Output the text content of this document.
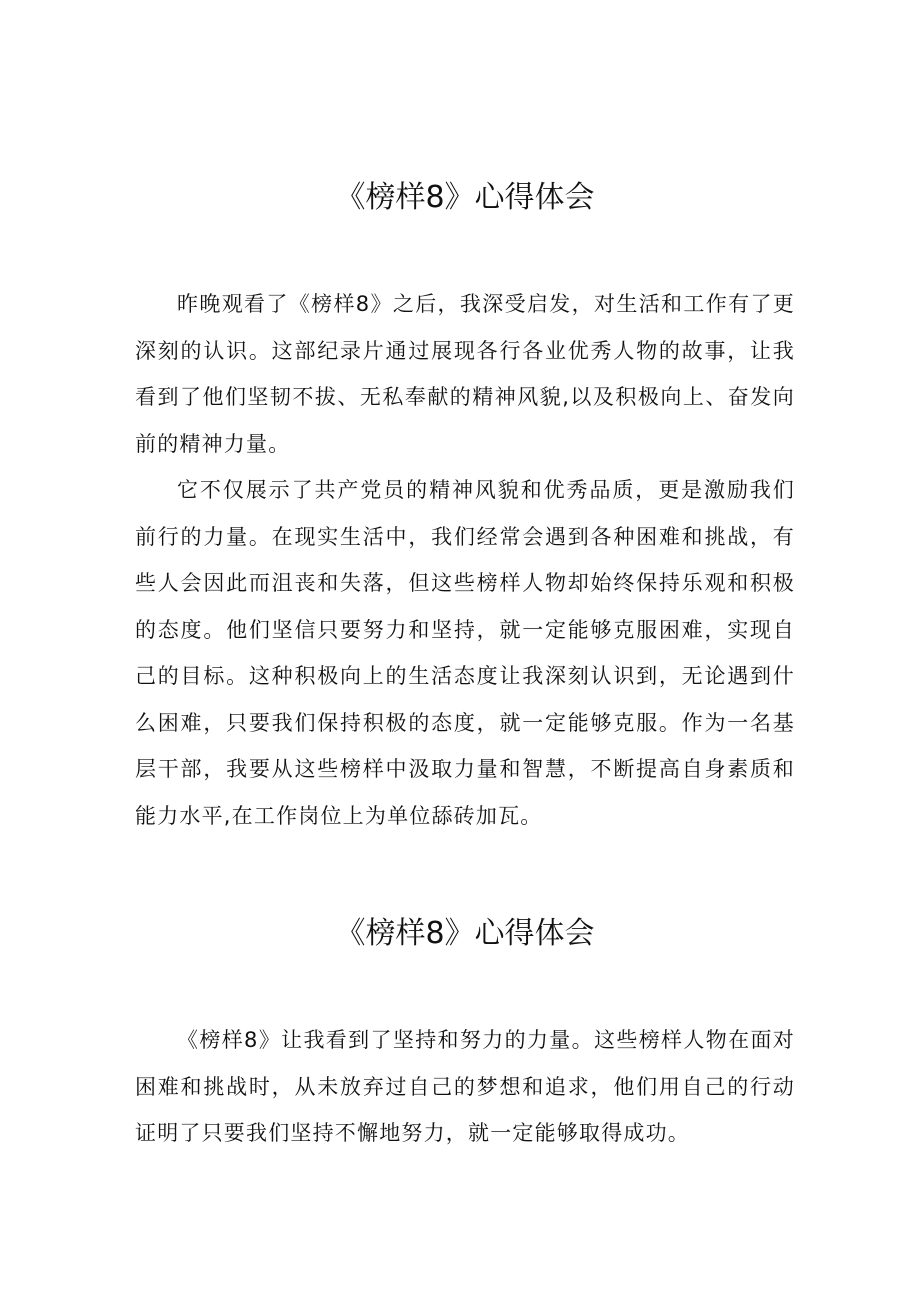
《榜样8》心得体会

昨晚观看了《榜样8》之后，我深受启发，对生活和工作有了更深刻的认识。这部纪录片通过展现各行各业优秀人物的故事，让我看到了他们坚韧不拔、无私奉献的精神风貌,以及积极向上、奋发向前的精神力量。

它不仅展示了共产党员的精神风貌和优秀品质，更是激励我们前行的力量。在现实生活中，我们经常会遇到各种困难和挑战，有些人会因此而沮丧和失落，但这些榜样人物却始终保持乐观和积极的态度。他们坚信只要努力和坚持，就一定能够克服困难，实现自己的目标。这种积极向上的生活态度让我深刻认识到，无论遇到什么困难，只要我们保持积极的态度，就一定能够克服。作为一名基层干部，我要从这些榜样中汲取力量和智慧，不断提高自身素质和能力水平,在工作岗位上为单位舔砖加瓦。

《榜样8》心得体会

《榜样8》让我看到了坚持和努力的力量。这些榜样人物在面对困难和挑战时，从未放弃过自己的梦想和追求，他们用自己的行动证明了只要我们坚持不懈地努力，就一定能够取得成功。
